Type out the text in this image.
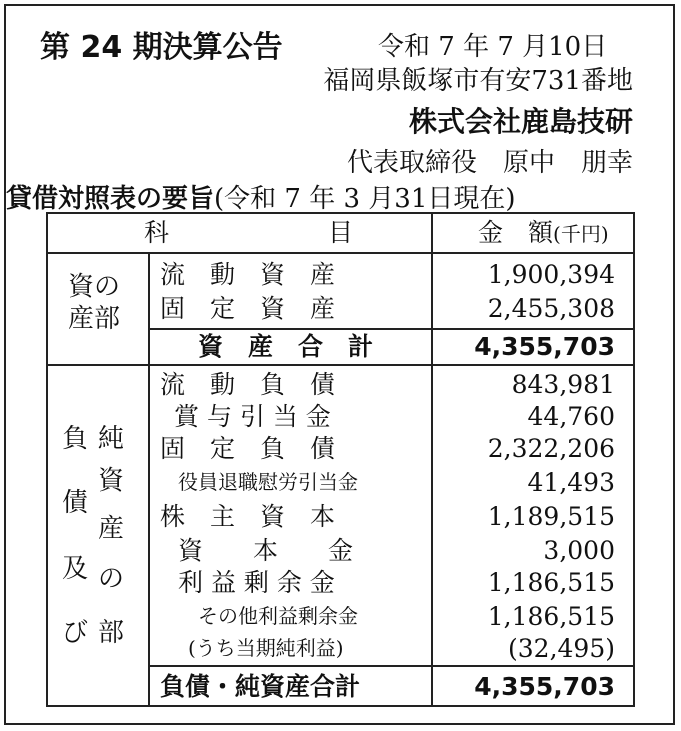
第 24 期決算公告	令和 7 年 7 月10日
福岡県飯塚市有安731番地
株式会社鹿島技研
代表取締役　原中　朋幸
貸借対照表の要旨(令和 7 年 3 月31日現在)
科	目	金　額(千円)
資の
産部
流　動　資　産	1,900,394
固　定　資　産	2,455,308
資　産　合　計	4,355,703
負
債
及
び
純
資
産
の
部
流　動　負　債	843,981
賞 与 引 当 金	44,760
固　定　負　債	2,322,206
役員退職慰労引当金	41,493
株　主　資　本	1,189,515
資　　本　　金	3,000
利 益 剰 余 金	1,186,515
その他利益剰余金	1,186,515
(うち当期純利益)	(32,495)
負債・純資産合計	4,355,703
